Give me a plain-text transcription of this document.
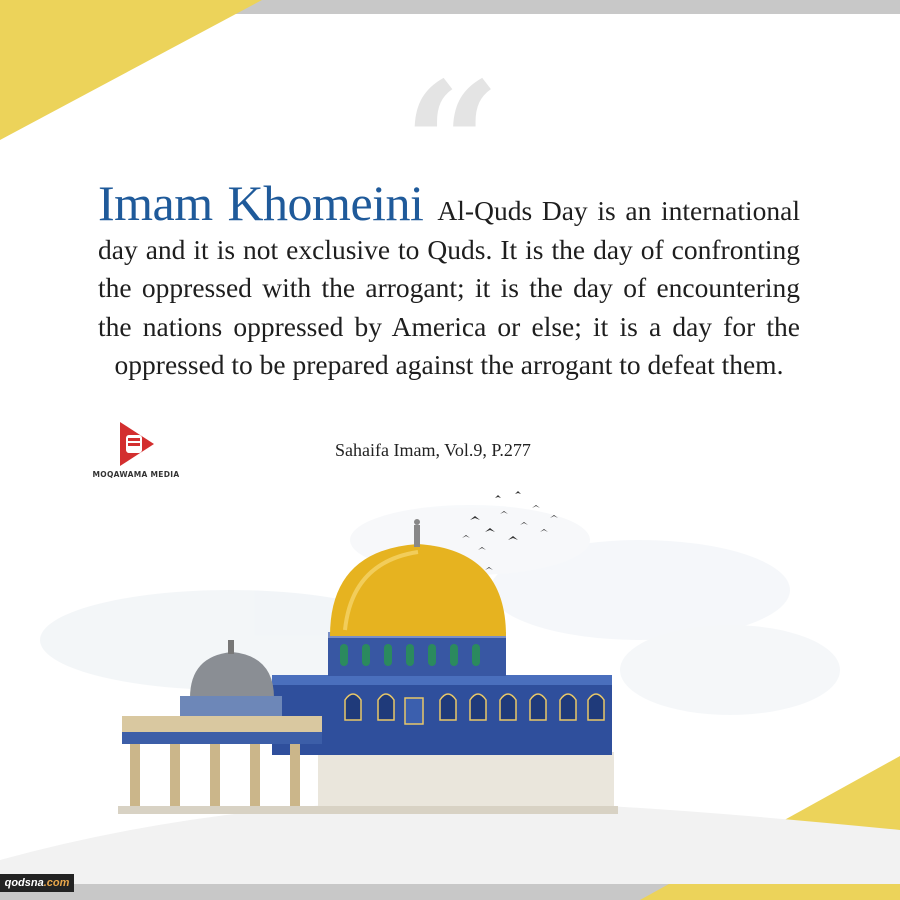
“
Imam Khomeini Al-Quds Day is an international day and it is not exclusive to Quds. It is the day of confronting the oppressed with the arrogant; it is the day of encountering the nations oppressed by America or else; it is a day for the oppressed to be prepared against the arrogant to defeat them.
MOQAWAMA MEDIA
Sahaifa Imam, Vol.9, P.277
qodsna.com
